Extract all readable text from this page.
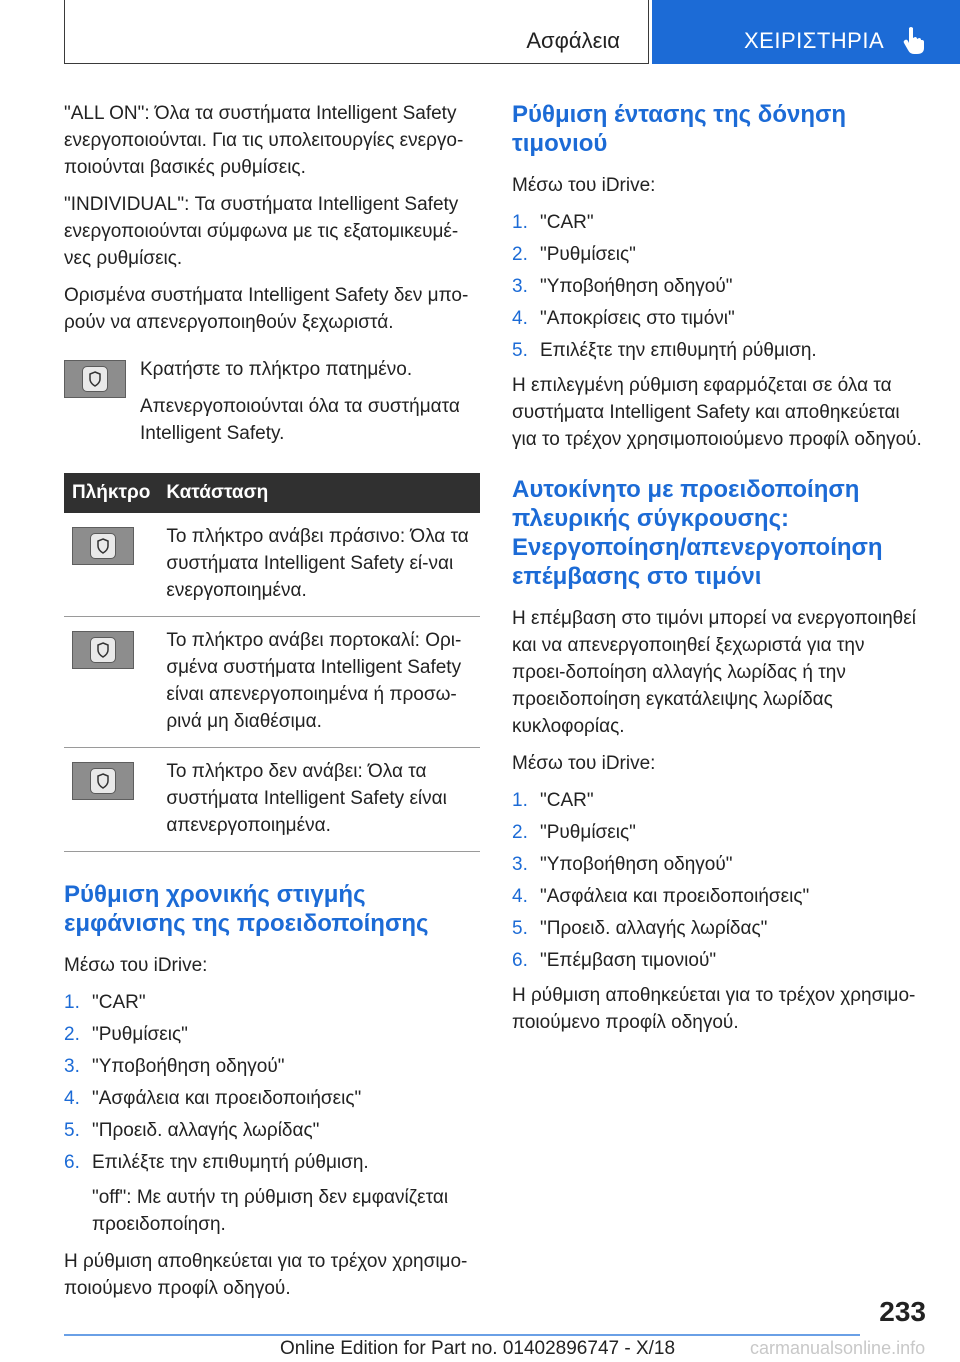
Ασφάλεια	ΧΕΙΡΙΣΤΗΡΙΑ

"ALL ON": Όλα τα συστήματα Intelligent Safety ενεργοποιούνται. Για τις υπολειτουργίες ενεργο-ποιούνται βασικές ρυθμίσεις.

"INDIVIDUAL": Τα συστήματα Intelligent Safety ενεργοποιούνται σύμφωνα με τις εξατομικευμέ-νες ρυθμίσεις.

Ορισμένα συστήματα Intelligent Safety δεν μπο-ρούν να απενεργοποιηθούν ξεχωριστά.

Κρατήστε το πλήκτρο πατημένο.

Απενεργοποιούνται όλα τα συστήματα Intelligent Safety.

Πλήκτρο	Κατάσταση

	Το πλήκτρο ανάβει πράσινο: Όλα τα συστήματα Intelligent Safety εί-ναι ενεργοποιημένα.

	Το πλήκτρο ανάβει πορτοκαλί: Ορι-σμένα συστήματα Intelligent Safety είναι απενεργοποιημένα ή προσω-ρινά μη διαθέσιμα.

	Το πλήκτρο δεν ανάβει: Όλα τα συστήματα Intelligent Safety είναι απενεργοποιημένα.
Ρύθμιση χρονικής στιγμής εμφάνισης της προειδοποίησης

Μέσω του iDrive:

1. "CAR"
2. "Ρυθμίσεις"
3. "Υποβοήθηση οδηγού"
4. "Ασφάλεια και προειδοποιήσεις"
5. "Προειδ. αλλαγής λωρίδας"
6. Επιλέξτε την επιθυμητή ρύθμιση.

"off": Με αυτήν τη ρύθμιση δεν εμφανίζεται προειδοποίηση.

Η ρύθμιση αποθηκεύεται για το τρέχον χρησιμο-ποιούμενο προφίλ οδηγού.

Ρύθμιση έντασης της δόνηση τιμονιού

Μέσω του iDrive:

1. "CAR"
2. "Ρυθμίσεις"
3. "Υποβοήθηση οδηγού"
4. "Αποκρίσεις στο τιμόνι"
5. Επιλέξτε την επιθυμητή ρύθμιση.

Η επιλεγμένη ρύθμιση εφαρμόζεται σε όλα τα συστήματα Intelligent Safety και αποθηκεύεται για το τρέχον χρησιμοποιούμενο προφίλ οδηγού.

Αυτοκίνητο με προειδοποίηση πλευρικής σύγκρουσης: Ενεργοποίηση/απενεργοποίηση επέμβασης στο τιμόνι

Η επέμβαση στο τιμόνι μπορεί να ενεργοποιηθεί και να απενεργοποιηθεί ξεχωριστά για την προει-δοποίηση αλλαγής λωρίδας ή την προειδοποίηση εγκατάλειψης λωρίδας κυκλοφορίας.

Μέσω του iDrive:

1. "CAR"
2. "Ρυθμίσεις"
3. "Υποβοήθηση οδηγού"
4. "Ασφάλεια και προειδοποιήσεις"
5. "Προειδ. αλλαγής λωρίδας"
6. "Επέμβαση τιμονιού"

Η ρύθμιση αποθηκεύεται για το τρέχον χρησιμο-ποιούμενο προφίλ οδηγού.

233
Online Edition for Part no. 01402896747 - X/18	carmanualsonline.info
